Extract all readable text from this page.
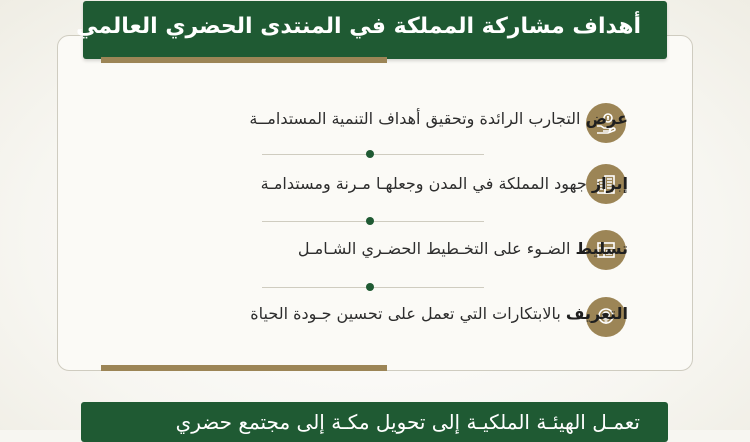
أهداف مشاركة المملكة في المنتدى الحضري العالمي
عرض التجارب الرائدة وتحقيق أهداف التنمية المستدامــة
إبراز جهود المملكة في المدن وجعلهـا مـرنة ومستدامـة
تسليط الضـوء على التخـطيط الحضـري الشـامـل
التعريف بالابتكارات التي تعمل على تحسين جـودة الحياة
تعمـل الهيئـة الملكيـة إلى تحويل مكـة إلى مجتمع حضري
